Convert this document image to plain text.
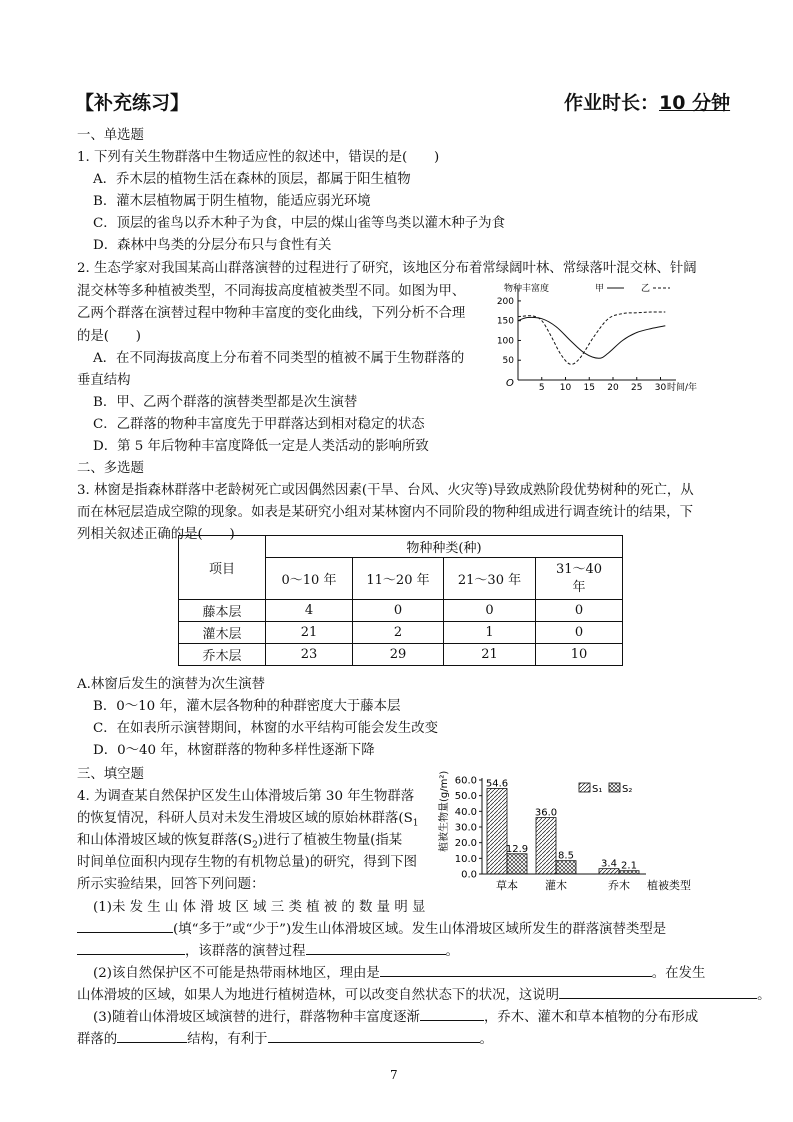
【补充练习】	作业时长：10 分钟
一、单选题
1. 下列有关生物群落中生物适应性的叙述中，错误的是(　　)
A．乔木层的植物生活在森林的顶层，都属于阳生植物
B．灌木层植物属于阴生植物，能适应弱光环境
C．顶层的雀鸟以乔木种子为食，中层的煤山雀等鸟类以灌木种子为食
D．森林中鸟类的分层分布只与食性有关
2. 生态学家对我国某高山群落演替的过程进行了研究，该地区分布着常绿阔叶林、常绿落叶混交林、针阔
混交林等多种植被类型，不同海拔高度植被类型不同。如图为甲、
乙两个群落在演替过程中物种丰富度的变化曲线，下列分析不合理
的是(　　)
A．在不同海拔高度上分布着不同类型的植被不属于生物群落的
垂直结构
B．甲、乙两个群落的演替类型都是次生演替
C．乙群落的物种丰富度先于甲群落达到相对稳定的状态
D．第 5 年后物种丰富度降低一定是人类活动的影响所致
物种丰富度	甲	乙
时间/年
O
50
100
150
200
5 10 15 20 25 30
二、多选题
3. 林窗是指森林群落中老龄树死亡或因偶然因素(干旱、台风、火灾等)导致成熟阶段优势树种的死亡，从
而在林冠层造成空隙的现象。如表是某研究小组对某林窗内不同阶段的物种组成进行调查统计的结果，下
列相关叙述正确的是(　　)
项目	物种种类(种)			
	0～10 年	11～20 年	21～30 年	31～40
年
藤本层	4	0	0	0
灌木层	21	2	1	0
乔木层	23	29	21	10
A.林窗后发生的演替为次生演替
B．0～10 年，灌木层各物种的种群密度大于藤本层
C．在如表所示演替期间，林窗的水平结构可能会发生改变
D．0～40 年，林窗群落的物种多样性逐渐下降
三、填空题
4. 为调查某自然保护区发生山体滑坡后第 30 年生物群落
的恢复情况，科研人员对未发生滑坡区域的原始林群落($S_1$
和山体滑坡区域的恢复群落$(S_2)$进行了植被生物量(指某
时间单位面积内现存生物的有机物总量)的研究，得到下图
所示实验结果，回答下列问题：
(1)未 发 生 山 体 滑 坡 区 域 三 类 植 被 的 数 量 明 显
(填“多于”或“少于”)发生山体滑坡区域。发生山体滑坡区域所发生的群落演替类型是
，该群落的演替过程	。
(2)该自然保护区不可能是热带雨林地区，理由是	。在发生
山体滑坡的区域，如果人为地进行植树造林，可以改变自然状态下的状况，这说明	。
(3)随着山体滑坡区域演替的进行，群落物种丰富度逐渐	，乔木、灌木和草本植物的分布形成
群落的	结构，有利于	。
植被生物量(g/m²)
植被类型
S₁ S₂
0.0
10.0
20.0
30.0
40.0
50.0
60.0 54.6
12.9
草本
36.0
8.5
灌木
3.4 2.1
乔木
7
